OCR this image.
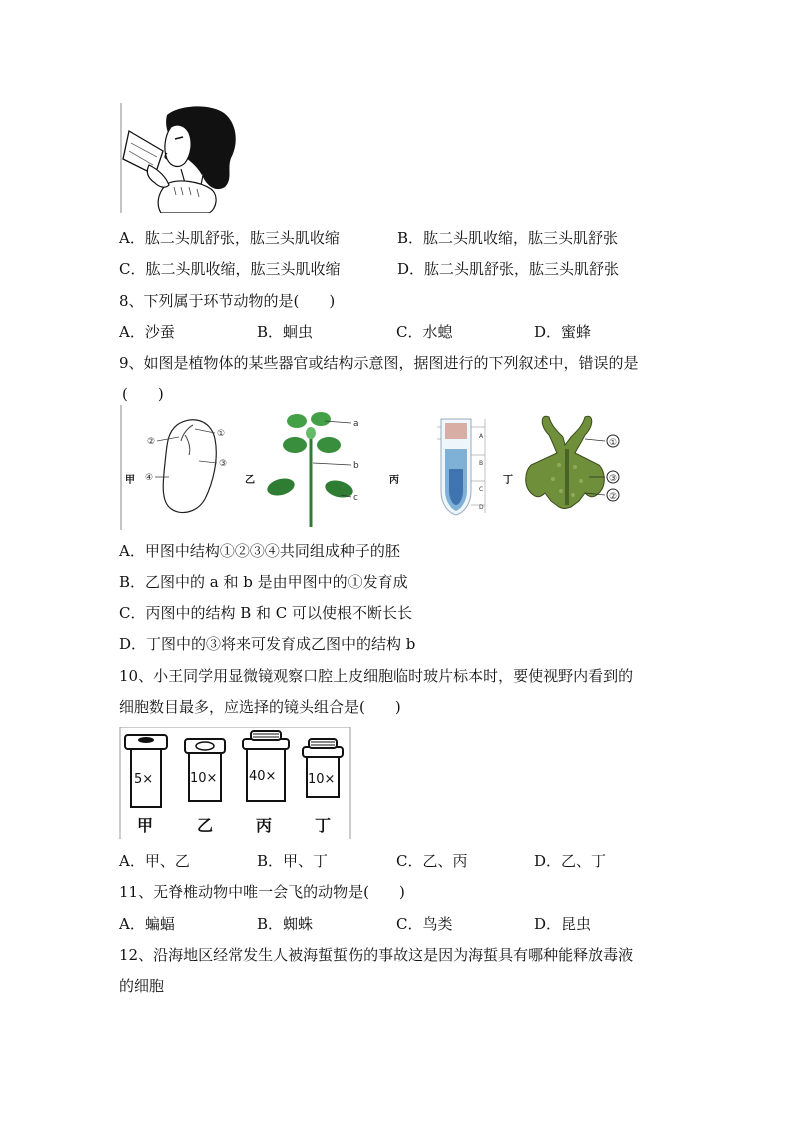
A．肱二头肌舒张，肱三头肌收缩	B．肱二头肌收缩，肱三头肌舒张
C．肱二头肌收缩，肱三头肌收缩	D．肱二头肌舒张，肱三头肌舒张
8、下列属于环节动物的是(　　)
A．沙蚕	B．蛔虫	C．水螅	D．蜜蜂
9、如图是植物体的某些器官或结构示意图，据图进行的下列叙述中，错误的是
(　　)
甲
②
①
③
④	乙
a
b
c
丙
A
B
C
D
丁
①
③
②
A．甲图中结构①②③④共同组成种子的胚
B．乙图中的 a 和 b 是由甲图中的①发育成
C．丙图中的结构 B 和 C 可以使根不断长长
D．丁图中的③将来可发育成乙图中的结构 b
10、小王同学用显微镜观察口腔上皮细胞临时玻片标本时，要使视野内看到的
细胞数目最多，应选择的镜头组合是(　　)
5×
甲
10×
乙
40×
丙
10×
丁
A．甲、乙	B．甲、丁	C．乙、丙	D．乙、丁
11、无脊椎动物中唯一会飞的动物是(　　)
A．蝙蝠	B．蜘蛛	C．鸟类	D．昆虫
12、沿海地区经常发生人被海蜇蜇伤的事故这是因为海蜇具有哪种能释放毒液
的细胞
